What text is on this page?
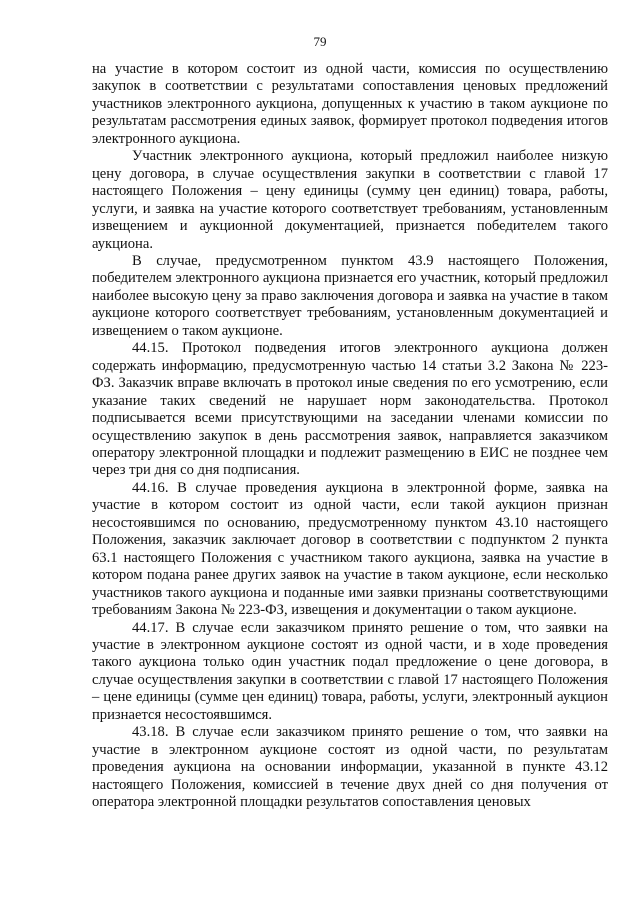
79

на участие в котором состоит из одной части, комиссия по осуществлению закупок в соответствии с результатами сопоставления ценовых предложений участников электронного аукциона, допущенных к участию в таком аукционе по результатам рассмотрения единых заявок, формирует протокол подведения итогов электронного аукциона.

Участник электронного аукциона, который предложил наиболее низкую цену договора, в случае осуществления закупки в соответствии с главой 17 настоящего Положения – цену единицы (сумму цен единиц) товара, работы, услуги, и заявка на участие которого соответствует требованиям, установленным извещением и аукционной документацией, признается победителем такого аукциона.

В случае, предусмотренном пунктом 43.9 настоящего Положения, победителем электронного аукциона признается его участник, который предложил наиболее высокую цену за право заключения договора и заявка на участие в таком аукционе которого соответствует требованиям, установленным документацией и извещением о таком аукционе.

44.15. Протокол подведения итогов электронного аукциона должен содержать информацию, предусмотренную частью 14 статьи 3.2 Закона № 223-ФЗ. Заказчик вправе включать в протокол иные сведения по его усмотрению, если указание таких сведений не нарушает норм законодательства. Протокол подписывается всеми присутствующими на заседании членами комиссии по осуществлению закупок в день рассмотрения заявок, направляется заказчиком оператору электронной площадки и подлежит размещению в ЕИС не позднее чем через три дня со дня подписания.

44.16. В случае проведения аукциона в электронной форме, заявка на участие в котором состоит из одной части, если такой аукцион признан несостоявшимся по основанию, предусмотренному пунктом 43.10 настоящего Положения, заказчик заключает договор в соответствии с подпунктом 2 пункта 63.1 настоящего Положения с участником такого аукциона, заявка на участие в котором подана ранее других заявок на участие в таком аукционе, если несколько участников такого аукциона и поданные ими заявки признаны соответствующими требованиям Закона № 223-ФЗ, извещения и документации о таком аукционе.

44.17. В случае если заказчиком принято решение о том, что заявки на участие в электронном аукционе состоят из одной части, и в ходе проведения такого аукциона только один участник подал предложение о цене договора, в случае осуществления закупки в соответствии с главой 17 настоящего Положения – цене единицы (сумме цен единиц) товара, работы, услуги, электронный аукцион признается несостоявшимся.

43.18. В случае если заказчиком принято решение о том, что заявки на участие в электронном аукционе состоят из одной части, по результатам проведения аукциона на основании информации, указанной в пункте 43.12 настоящего Положения, комиссией в течение двух дней со дня получения от оператора электронной площадки результатов сопоставления ценовых
